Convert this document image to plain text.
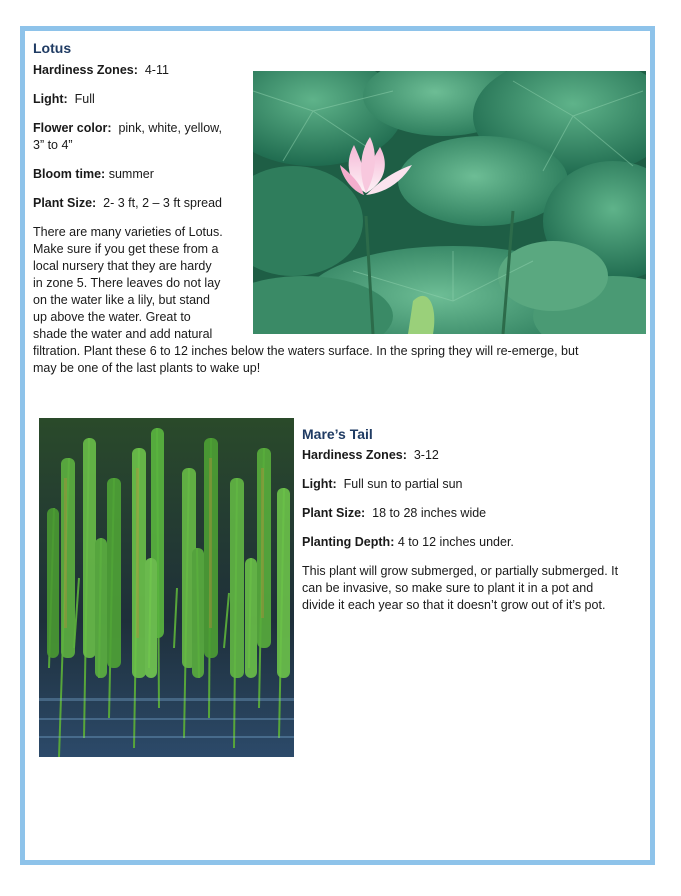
Lotus
Hardiness Zones: 4-11
Light: Full
Flower color: pink, white, yellow,
3” to 4”
Bloom time: summer
Plant Size: 2- 3 ft, 2 – 3 ft spread
There are many varieties of Lotus.
Make sure if you get these from a
local nursery that they are hardy
in zone 5. There leaves do not lay
on the water like a lily, but stand
up above the water. Great to
shade the water and add natural
filtration. Plant these 6 to 12 inches below the waters surface. In the spring they will re-emerge, but
may be one of the last plants to wake up!
Mare’s Tail
Hardiness Zones: 3-12
Light: Full sun to partial sun
Plant Size: 18 to 28 inches wide
Planting Depth: 4 to 12 inches under.
This plant will grow submerged, or partially submerged. It
can be invasive, so make sure to plant it in a pot and
divide it each year so that it doesn’t grow out of it’s pot.
